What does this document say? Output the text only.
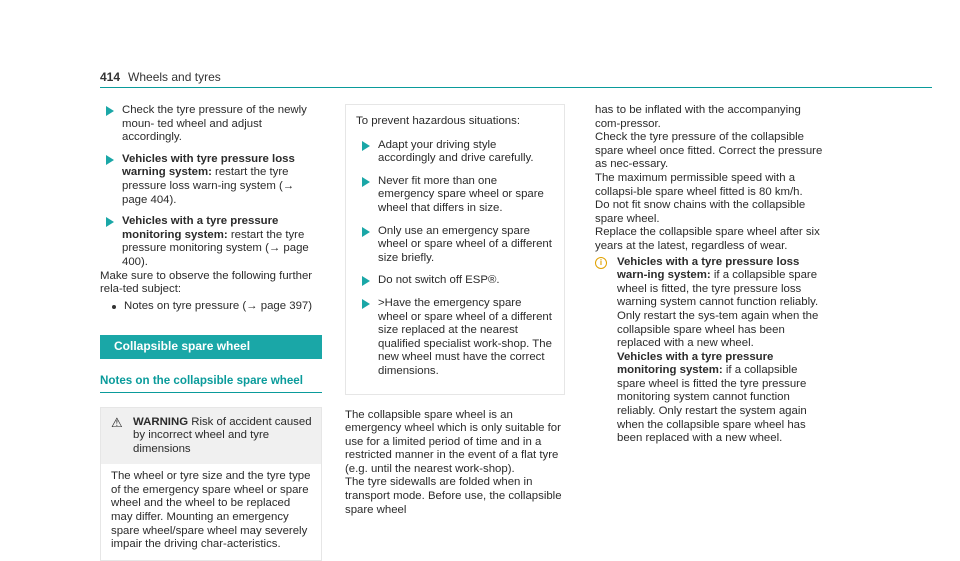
414 Wheels and tyres
Check the tyre pressure of the newly moun- ted wheel and adjust accordingly.
Vehicles with tyre pressure loss warning system: restart the tyre pressure loss warn-ing system (→ page 404).
Vehicles with a tyre pressure monitoring system: restart the tyre pressure monitoring system (→ page 400).

Make sure to observe the following further rela-ted subject:

Notes on tyre pressure (→ page 397)
Collapsible spare wheel
Notes on the collapsible spare wheel
⚠ WARNING Risk of accident caused by incorrect wheel and tyre dimensions
The wheel or tyre size and the tyre type of the emergency spare wheel or spare wheel and the wheel to be replaced may differ. Mounting an emergency spare wheel/spare wheel may severely impair the driving char-acteristics.

To prevent hazardous situations:

Adapt your driving style accordingly and drive carefully.
Never fit more than one emergency spare wheel or spare wheel that differs in size.
Only use an emergency spare wheel or spare wheel of a different size briefly.
Do not switch off ESP®.
>Have the emergency spare wheel or spare wheel of a different size replaced at the nearest qualified specialist work-shop. The new wheel must have the correct dimensions.

The collapsible spare wheel is an emergency wheel which is only suitable for use for a limited period of time and in a restricted manner in the event of a flat tyre (e.g. until the nearest work-shop).

The tyre sidewalls are folded when in transport mode. Before use, the collapsible spare wheel

has to be inflated with the accompanying com-pressor.

Check the tyre pressure of the collapsible spare wheel once fitted. Correct the pressure as nec-essary.

The maximum permissible speed with a collapsi-ble spare wheel fitted is 80 km/h.

Do not fit snow chains with the collapsible spare wheel.

Replace the collapsible spare wheel after six years at the latest, regardless of wear.

i	Vehicles with a tyre pressure loss warn-ing system: if a collapsible spare wheel is fitted, the tyre pressure loss warning system cannot function reliably. Only restart the sys-tem again when the collapsible spare wheel has been replaced with a new wheel.
Vehicles with a tyre pressure monitoring system: if a collapsible spare wheel is fitted the tyre pressure monitoring system cannot function reliably. Only restart the system again when the collapsible spare wheel has been replaced with a new wheel.
